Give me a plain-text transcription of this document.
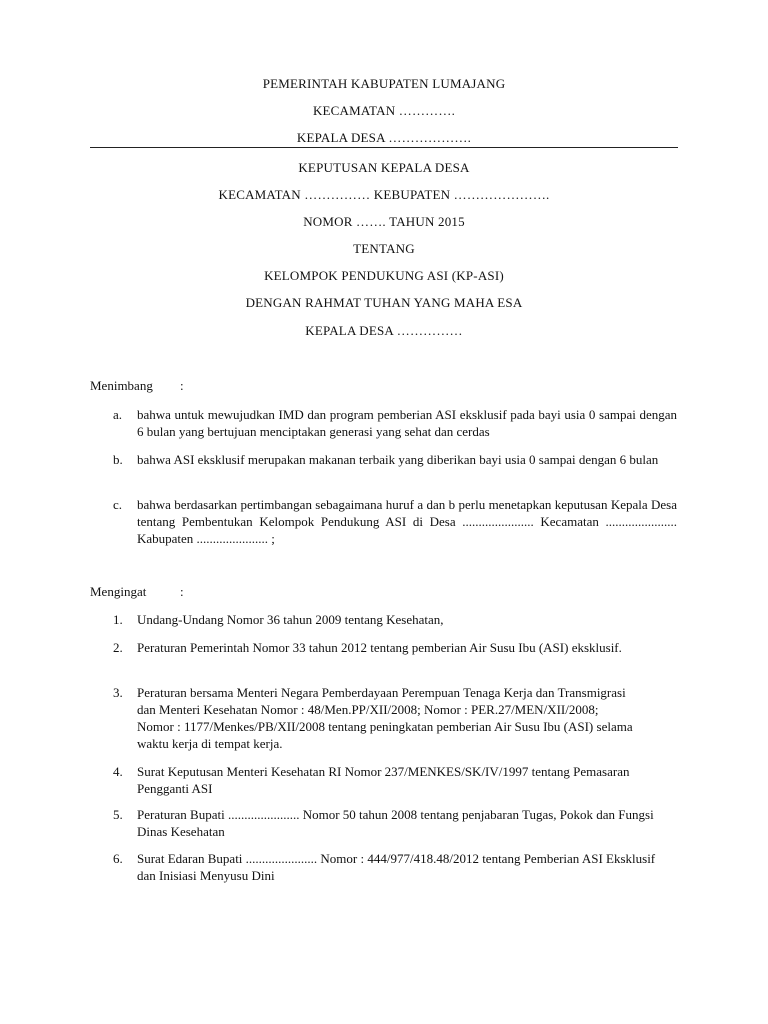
PEMERINTAH KABUPATEN LUMAJANG
KECAMATAN ………….
KEPALA DESA ……………….
KEPUTUSAN KEPALA DESA
KECAMATAN …………… KEBUPATEN ………………….
NOMOR ……. TAHUN 2015
TENTANG
KELOMPOK PENDUKUNG ASI (KP-ASI)
DENGAN RAHMAT TUHAN YANG MAHA ESA
KEPALA DESA ……………
Menimbang :
a. bahwa untuk mewujudkan IMD dan program pemberian ASI eksklusif pada bayi usia 0 sampai dengan 6 bulan yang bertujuan menciptakan generasi yang sehat dan cerdas
b. bahwa ASI eksklusif merupakan makanan terbaik yang diberikan bayi usia 0 sampai dengan 6 bulan
c. bahwa berdasarkan pertimbangan sebagaimana huruf a dan b perlu menetapkan keputusan Kepala Desa tentang Pembentukan Kelompok Pendukung ASI di Desa ...................... Kecamatan ...................... Kabupaten ...................... ;
Mengingat	:
1. Undang-Undang Nomor 36 tahun 2009 tentang Kesehatan,
2. Peraturan Pemerintah Nomor 33 tahun 2012 tentang pemberian Air Susu Ibu (ASI) eksklusif.
3. Peraturan bersama Menteri Negara Pemberdayaan Perempuan Tenaga Kerja dan Transmigrasi dan Menteri Kesehatan Nomor : 48/Men.PP/XII/2008; Nomor : PER.27/MEN/XII/2008; Nomor : 1177/Menkes/PB/XII/2008 tentang peningkatan pemberian Air Susu Ibu (ASI) selama waktu kerja di tempat kerja.
4. Surat Keputusan Menteri Kesehatan RI Nomor 237/MENKES/SK/IV/1997 tentang Pemasaran Pengganti ASI
5. Peraturan Bupati ...................... Nomor 50 tahun 2008 tentang penjabaran Tugas, Pokok dan Fungsi Dinas Kesehatan
6. Surat Edaran Bupati ...................... Nomor : 444/977/418.48/2012 tentang Pemberian ASI Eksklusif dan Inisiasi Menyusu Dini
